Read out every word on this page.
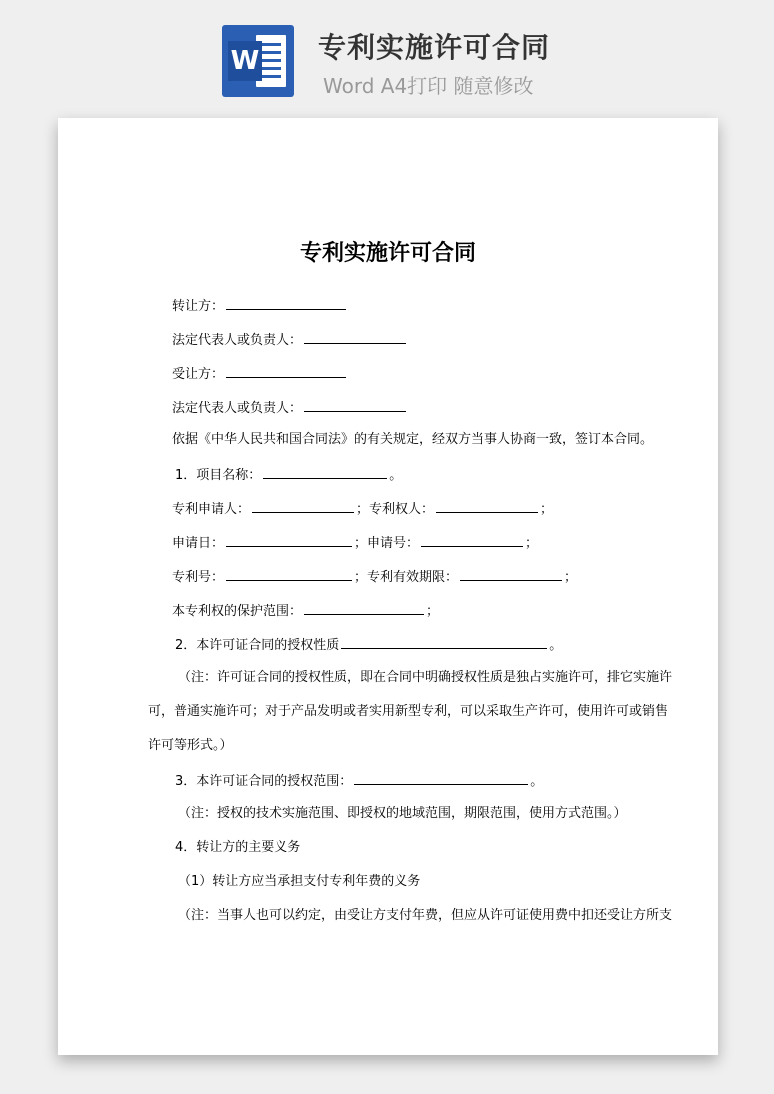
W 专利实施许可合同
Word A4打印 随意修改
专利实施许可合同
转让方：
法定代表人或负责人：
受让方：
法定代表人或负责人：
依据《中华人民共和国合同法》的有关规定，经双方当事人协商一致，签订本合同。
1．项目名称：	。
专利申请人：	；专利权人：	；
申请日：	；申请号：	；
专利号：	；专利有效期限：	；
本专利权的保护范围：	；
2．本许可证合同的授权性质	。
（注：许可证合同的授权性质，即在合同中明确授权性质是独占实施许可，排它实施许
可，普通实施许可；对于产品发明或者实用新型专利，可以采取生产许可，使用许可或销售
许可等形式。）
3．本许可证合同的授权范围：	。
（注：授权的技术实施范围、即授权的地域范围，期限范围，使用方式范围。）
4．转让方的主要义务
（1）转让方应当承担支付专利年费的义务
（注：当事人也可以约定，由受让方支付年费，但应从许可证使用费中扣还受让方所支
